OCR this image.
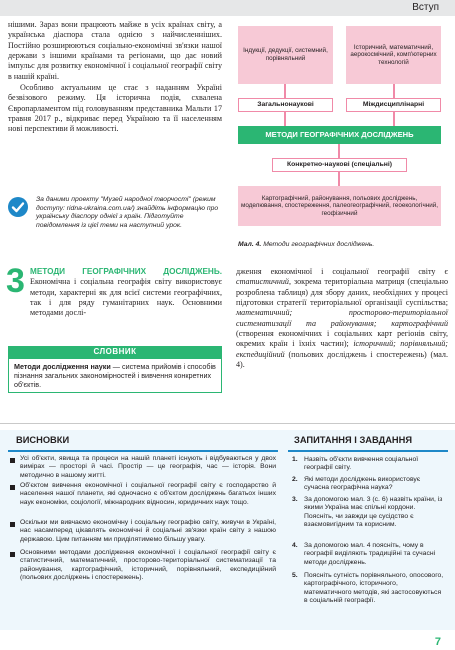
Вступ

нішими. Зараз вони працюють майже в усіх країнах світу, а українська діаспора стала однією з найчисленніших. Постійно розширюються соціально-економічні зв'язки нашої держави з іншими країнами та регіонами, що дає новий імпульс для розвитку економічної і соціальної географії світу в нашій країні.

Особливо актуальним це стає з наданням Україні безвізового режиму. Ця історична подія, схвалена Європарламентом під головуванням представника Мальти 17 травня 2017 р., відкриває перед Україною та її населенням нові перспективи й можливості.

За даними проекту "Музей народної творчості" (режим доступу: ridna-ukraina.com.ua/) знайдіть інформацію про українську діаспору однієї з країн. Підготуйте повідомлення із цієї теми на наступний урок.
Індукції, дедукції, системний, порівняльний
Історичний, математичний, аерокосмічний, комп'ютерних технологій
Загальнонаукові	Міждисциплінарні
МЕТОДИ ГЕОГРАФІЧНИХ ДОСЛІДЖЕНЬ
Конкретно-наукові (спеціальні)
Картографічний, районування, польових досліджень, моделювання, спостереження, палеогеографічний, геоекологічний, геофізичний
Мал. 4. Методи географічних досліджень.
3 МЕТОДИ ГЕОГРАФІЧНИХ ДОСЛІДЖЕНЬ. Економічна і соціальна географія світу використовує методи, характерні як для всієї системи географічних, так і для ряду гуманітарних наук. Основними методами дослі-

дження економічної і соціальної географії світу є статистичний, зокрема територіальна матриця (спеціально розроблена таблиця) для збору даних, необхідних у процесі підготовки стратегії територіальної організації суспільства; математичний; просторово-територіальної систематизації та районування; картографічний (створення економічних і соціальних карт регіонів світу, окремих країн і їхніх частин); історичний; порівняльний; експедиційний (польових досліджень і спостережень) (мал. 4).

СЛОВНИК
Методи дослідження науки — система прийомів і способів пізнання загальних закономірностей і вивчення конкретних об'єктів.
ВИСНОВКИ
Усі об'єкти, явища та процеси на нашій планеті існують і відбуваються у двох вимірах — просторі й часі. Простір — це географія, час — історія. Вони методично в нашому житті.
Об'єктом вивчення економічної і соціальної географії світу є господарство й населення нашої планети, які одночасно є об'єктом досліджень багатьох інших наук економіки, соціології, міжнародних відносин, юридичних наук тощо.
Оскільки ми вивчаємо економічну і соціальну географію світу, живучи в Україні, нас насамперед цікавлять економічні й соціальні зв'язки країн світу з нашою державою. Цим питанням ми приділятимемо більшу увагу.
Основними методами дослідження економічної і соціальної географії світу є статистичний, математичний, просторово-територіальної систематизації та районування, картографічний, історичний, порівняльний, експедиційний (польових досліджень і спостережень).
ЗАПИТАННЯ І ЗАВДАННЯ
1. Назвіть об'єкти вивчення соціальної географії світу.
2. Які методи досліджень використовує сучасна географічна наука?
3. За допомогою мал. 3 (с. 6) назвіть країни, із якими Україна має спільні кордони. Поясніть, чи завжди це сусідство є взаємовигідним та корисним.
4. За допомогою мал. 4 поясніть, чому в географії виділяють традиційні та сучасні методи досліджень.
5. Поясніть сутність порівняльного, опосового, картографічного, історичного, математичного методів, які застосовуються в соціальній географії.
7
